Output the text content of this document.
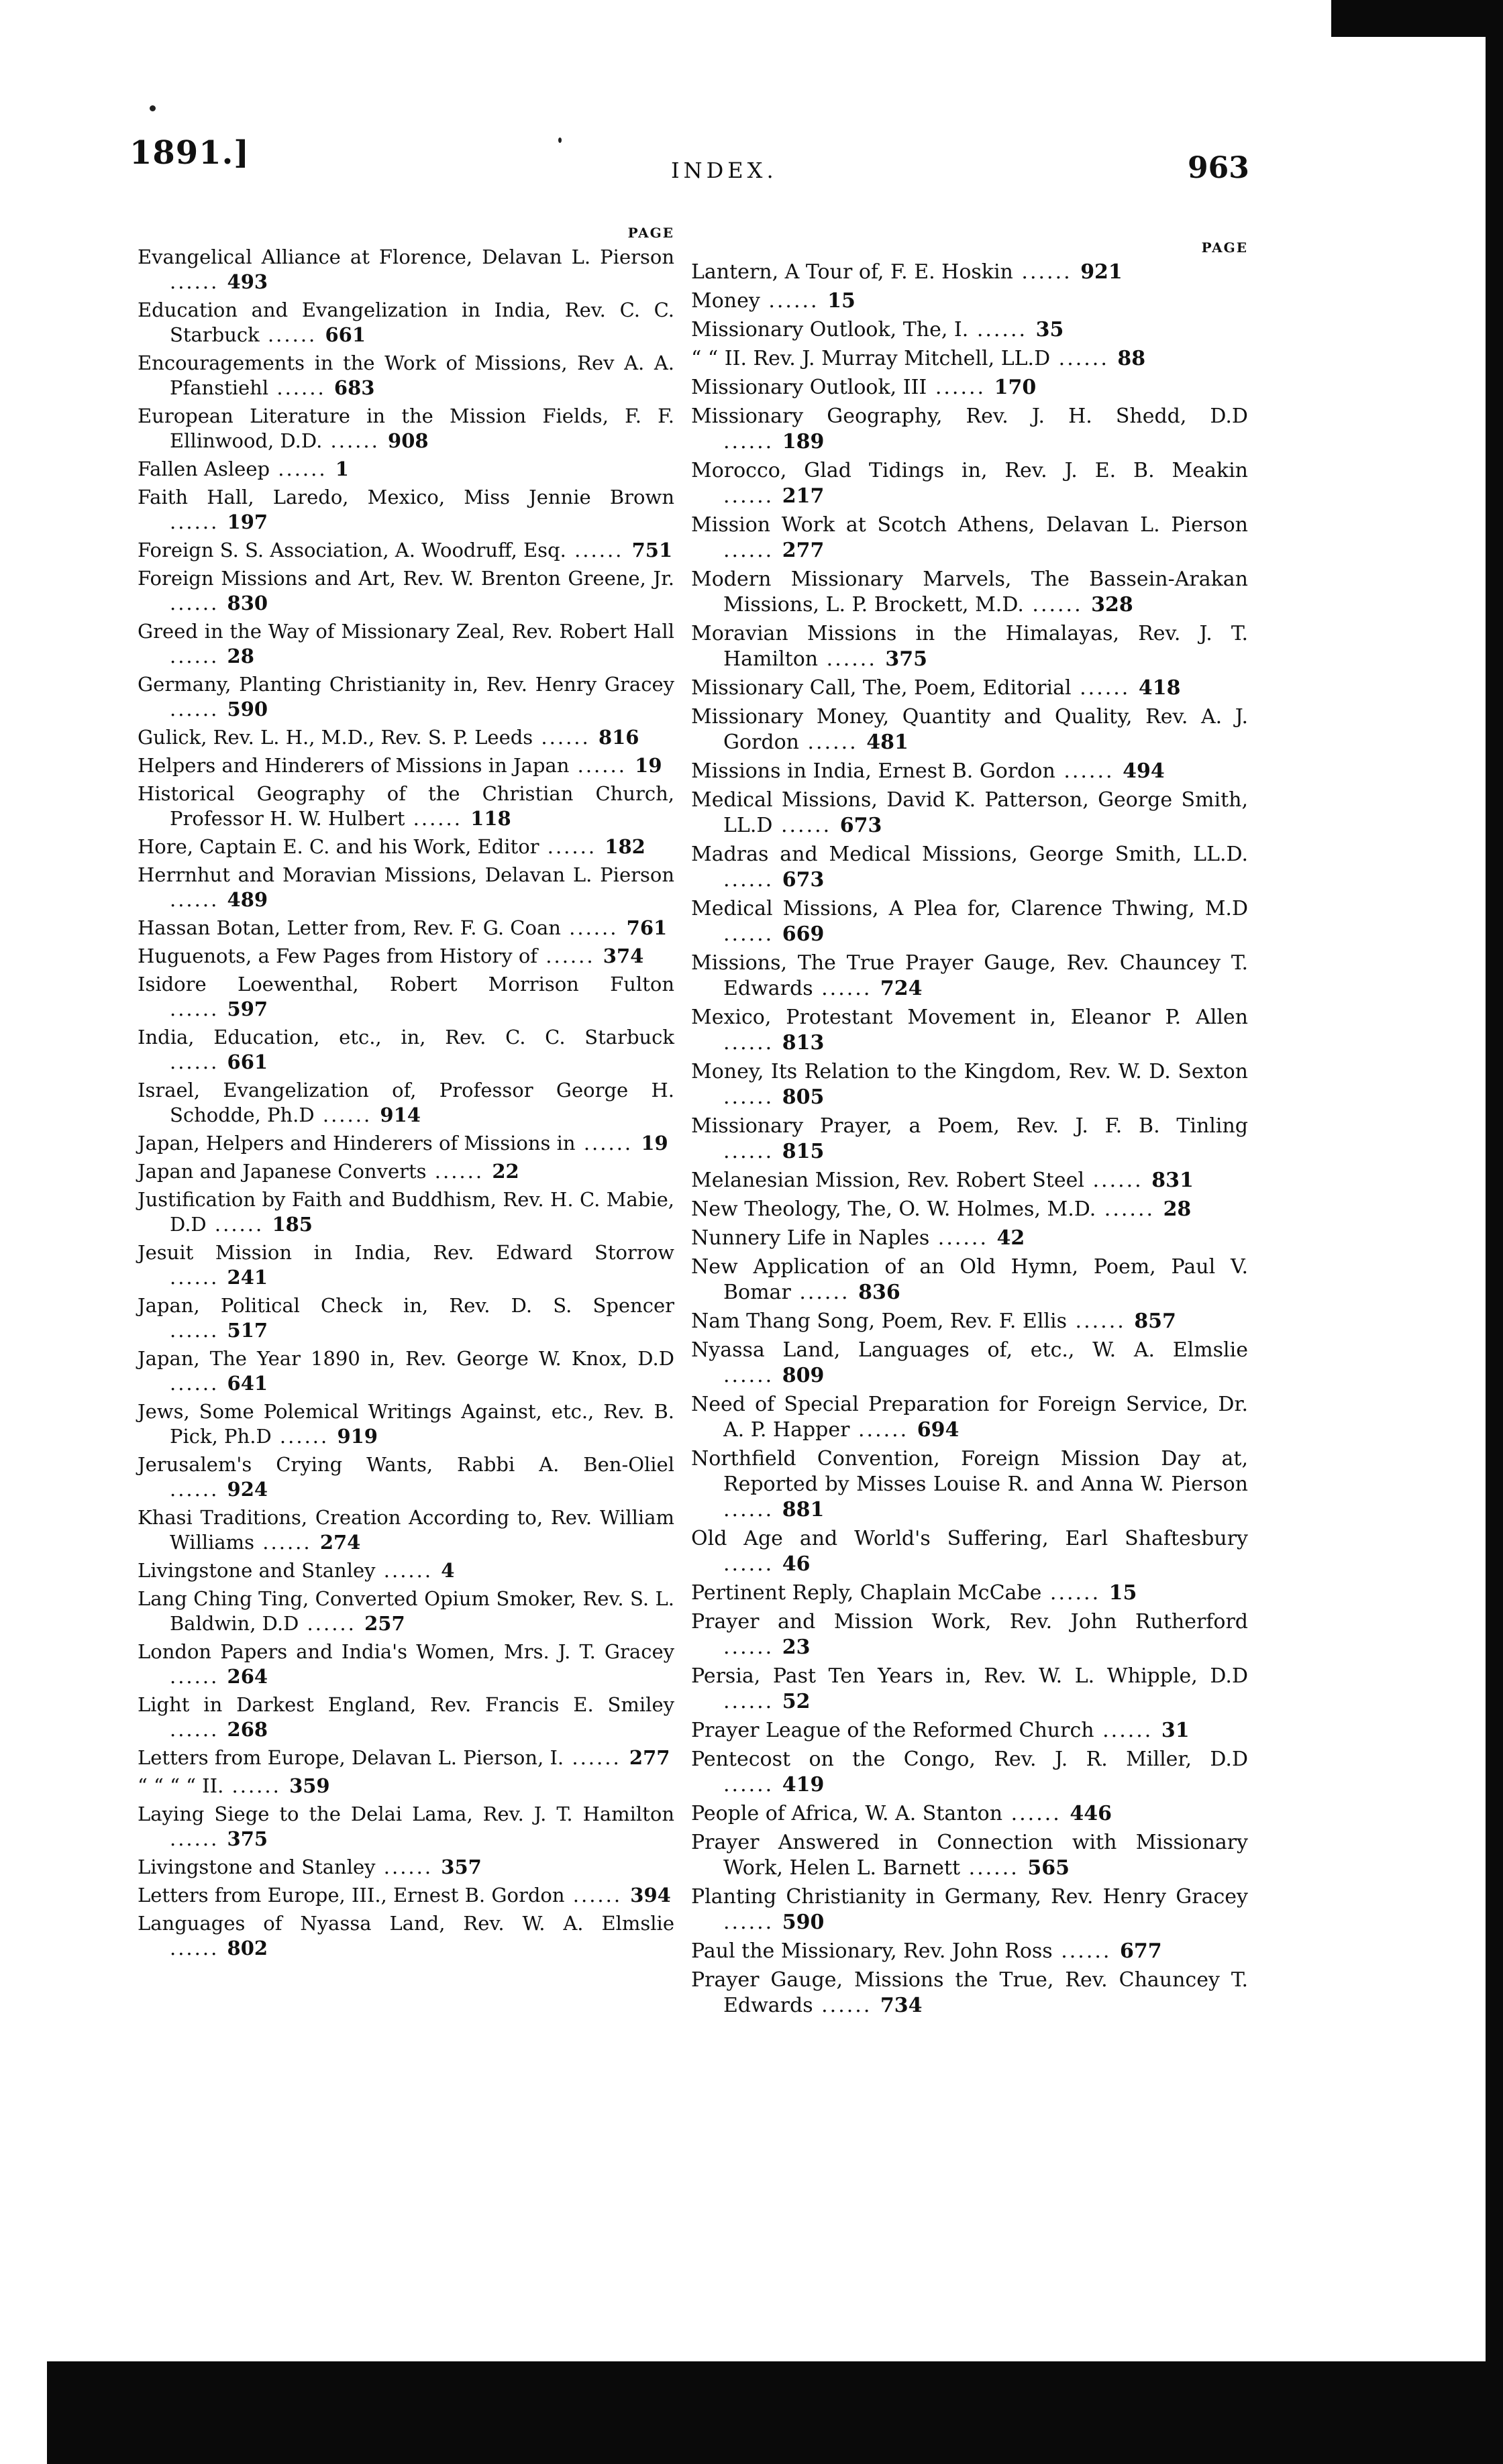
1891.]	INDEX.	963
PAGE
Evangelical Alliance at Florence, Delavan L. Pierson...... 493
Education and Evangelization in India, Rev. C. C. Starbuck	...... 661
Encouragements in the Work of Missions, Rev A. A. Pfanstiehl	...... 683
European Literature in the Mission Fields, F. F. Ellinwood, D.D.	...... 908
Fallen Asleep	...... 1
Faith Hall, Laredo, Mexico, Miss Jennie Brown...... 197
Foreign S. S. Association, A. Woodruff, Esq.	...... 751
Foreign Missions and Art, Rev. W. Brenton Greene, Jr....... 830
Greed in the Way of Missionary Zeal, Rev. Robert Hall...... 28
Germany, Planting Christianity in, Rev. Henry Gracey...... 590
Gulick, Rev. L. H., M.D., Rev. S. P. Leeds	...... 816
Helpers and Hinderers of Missions in Japan	...... 19
Historical Geography of the Christian Church, Professor H. W. Hulbert	...... 118
Hore, Captain E. C. and his Work, Editor	...... 182
Herrnhut and Moravian Missions, Delavan L. Pierson...... 489
Hassan Botan, Letter from, Rev. F. G. Coan	...... 761
Huguenots, a Few Pages from History of	...... 374
Isidore Loewenthal, Robert Morrison Fulton...... 597
India, Education, etc., in, Rev. C. C. Starbuck...... 661
Israel, Evangelization of, Professor George H. Schodde, Ph.D	...... 914
Japan, Helpers and Hinderers of Missions in	...... 19
Japan and Japanese Converts	...... 22
Justification by Faith and Buddhism, Rev. H. C. Mabie, D.D	...... 185
Jesuit Mission in India, Rev. Edward Storrow...... 241
Japan, Political Check in, Rev. D. S. Spencer...... 517
Japan, The Year 1890 in, Rev. George W. Knox, D.D...... 641
Jews, Some Polemical Writings Against, etc., Rev. B. Pick, Ph.D	...... 919
Jerusalem's Crying Wants, Rabbi A. Ben-Oliel...... 924
Khasi Traditions, Creation According to, Rev. William Williams	...... 274
Livingstone and Stanley	...... 4
Lang Ching Ting, Converted Opium Smoker, Rev. S. L. Baldwin, D.D	...... 257
London Papers and India's Women, Mrs. J. T. Gracey...... 264
Light in Darkest England, Rev. Francis E. Smiley...... 268
Letters from Europe, Delavan L. Pierson, I.	...... 277
“ “ “ “ II.	...... 359
Laying Siege to the Delai Lama, Rev. J. T. Hamilton...... 375
Livingstone and Stanley	...... 357
Letters from Europe, III., Ernest B. Gordon	...... 394
Languages of Nyassa Land, Rev. W. A. Elmslie...... 802
PAGE
Lantern, A Tour of, F. E. Hoskin	...... 921
Money	...... 15
Missionary Outlook, The, I.	...... 35
“ “ II. Rev. J. Murray Mitchell, LL.D	...... 88
Missionary Outlook, III	...... 170
Missionary Geography, Rev. J. H. Shedd, D.D...... 189
Morocco, Glad Tidings in, Rev. J. E. B. Meakin...... 217
Mission Work at Scotch Athens, Delavan L. Pierson...... 277
Modern Missionary Marvels, The Bassein-Arakan Missions, L. P. Brockett, M.D.	...... 328
Moravian Missions in the Himalayas, Rev. J. T. Hamilton	...... 375
Missionary Call, The, Poem, Editorial	...... 418
Missionary Money, Quantity and Quality, Rev. A. J. Gordon	...... 481
Missions in India, Ernest B. Gordon	...... 494
Medical Missions, David K. Patterson, George Smith, LL.D	...... 673
Madras and Medical Missions, George Smith, LL.D....... 673
Medical Missions, A Plea for, Clarence Thwing, M.D...... 669
Missions, The True Prayer Gauge, Rev. Chauncey T. Edwards	...... 724
Mexico, Protestant Movement in, Eleanor P. Allen...... 813
Money, Its Relation to the Kingdom, Rev. W. D. Sexton...... 805
Missionary Prayer, a Poem, Rev. J. F. B. Tinling...... 815
Melanesian Mission, Rev. Robert Steel	...... 831
New Theology, The, O. W. Holmes, M.D.	...... 28
Nunnery Life in Naples	...... 42
New Application of an Old Hymn, Poem, Paul V. Bomar	...... 836
Nam Thang Song, Poem, Rev. F. Ellis	...... 857
Nyassa Land, Languages of, etc., W. A. Elmslie...... 809
Need of Special Preparation for Foreign Service, Dr. A. P. Happer	...... 694
Northfield Convention, Foreign Mission Day at, Reported by Misses Louise R. and Anna W. Pierson...... 881
Old Age and World's Suffering, Earl Shaftesbury...... 46
Pertinent Reply, Chaplain McCabe	...... 15
Prayer and Mission Work, Rev. John Rutherford...... 23
Persia, Past Ten Years in, Rev. W. L. Whipple, D.D...... 52
Prayer League of the Reformed Church	...... 31
Pentecost on the Congo, Rev. J. R. Miller, D.D...... 419
People of Africa, W. A. Stanton	...... 446
Prayer Answered in Connection with Missionary Work, Helen L. Barnett	...... 565
Planting Christianity in Germany, Rev. Henry Gracey...... 590
Paul the Missionary, Rev. John Ross	...... 677
Prayer Gauge, Missions the True, Rev. Chauncey T. Edwards	...... 734
